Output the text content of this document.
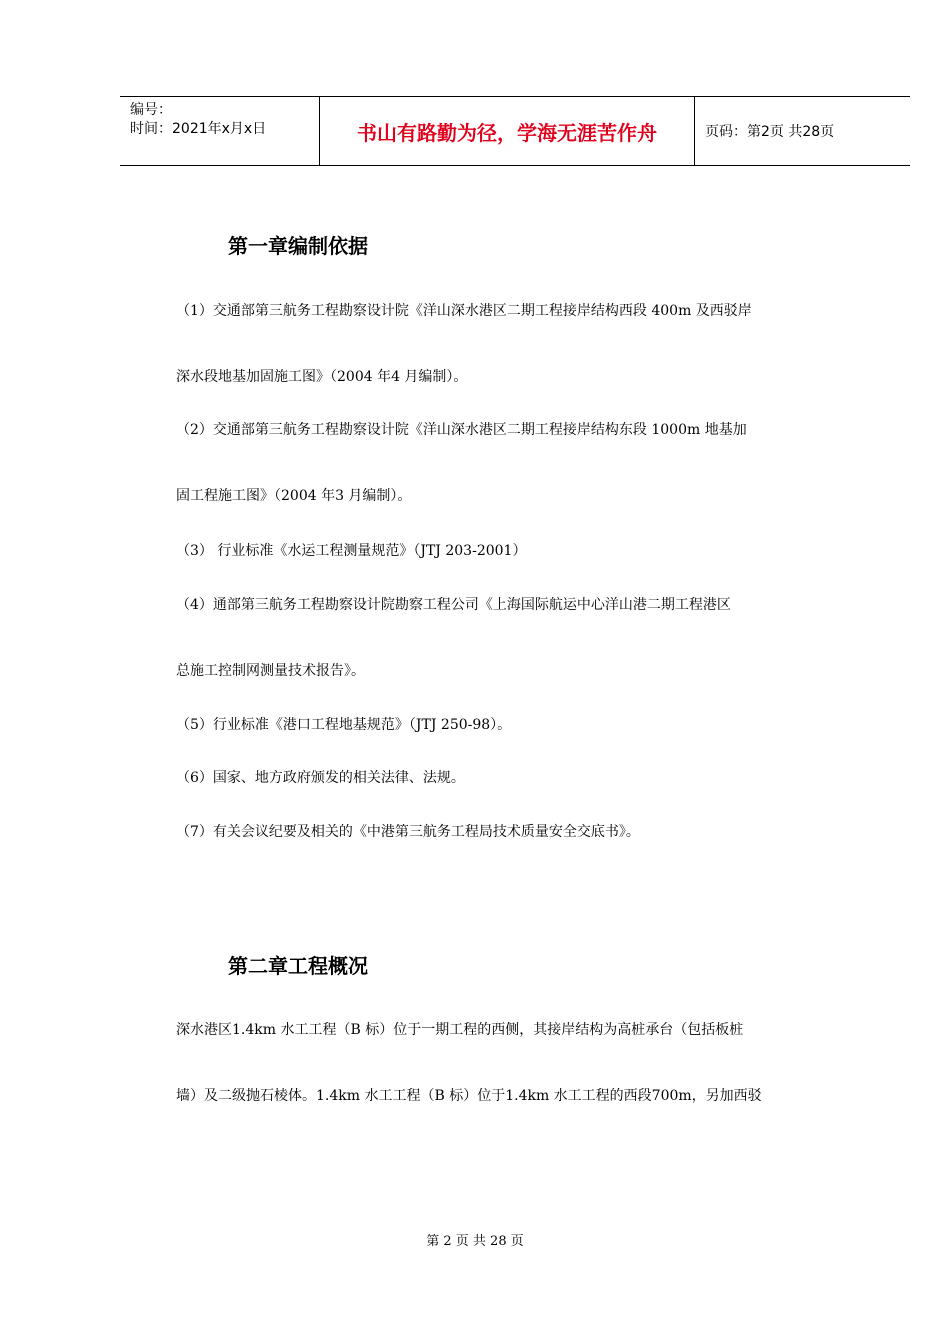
编号：
时间：2021年x月x日	书山有路勤为径，学海无涯苦作舟	页码：第2页 共28页
第一章编制依据
（1）交通部第三航务工程勘察设计院《洋山深水港区二期工程接岸结构西段 400m 及西驳岸
深水段地基加固施工图》（2004 年4 月编制）。
（2）交通部第三航务工程勘察设计院《洋山深水港区二期工程接岸结构东段 1000m 地基加
固工程施工图》（2004 年3 月编制）。
（3） 行业标准《水运工程测量规范》（JTJ 203-2001）
（4）通部第三航务工程勘察设计院勘察工程公司《上海国际航运中心洋山港二期工程港区
总施工控制网测量技术报告》。
（5）行业标准《港口工程地基规范》（JTJ 250-98）。
（6）国家、地方政府颁发的相关法律、法规。
（7）有关会议纪要及相关的《中港第三航务工程局技术质量安全交底书》。
第二章工程概况
深水港区1.4km 水工工程（B 标）位于一期工程的西侧，其接岸结构为高桩承台（包括板桩
墙）及二级抛石棱体。1.4km 水工工程（B 标）位于1.4km 水工工程的西段700m，另加西驳
第 2 页 共 28 页
